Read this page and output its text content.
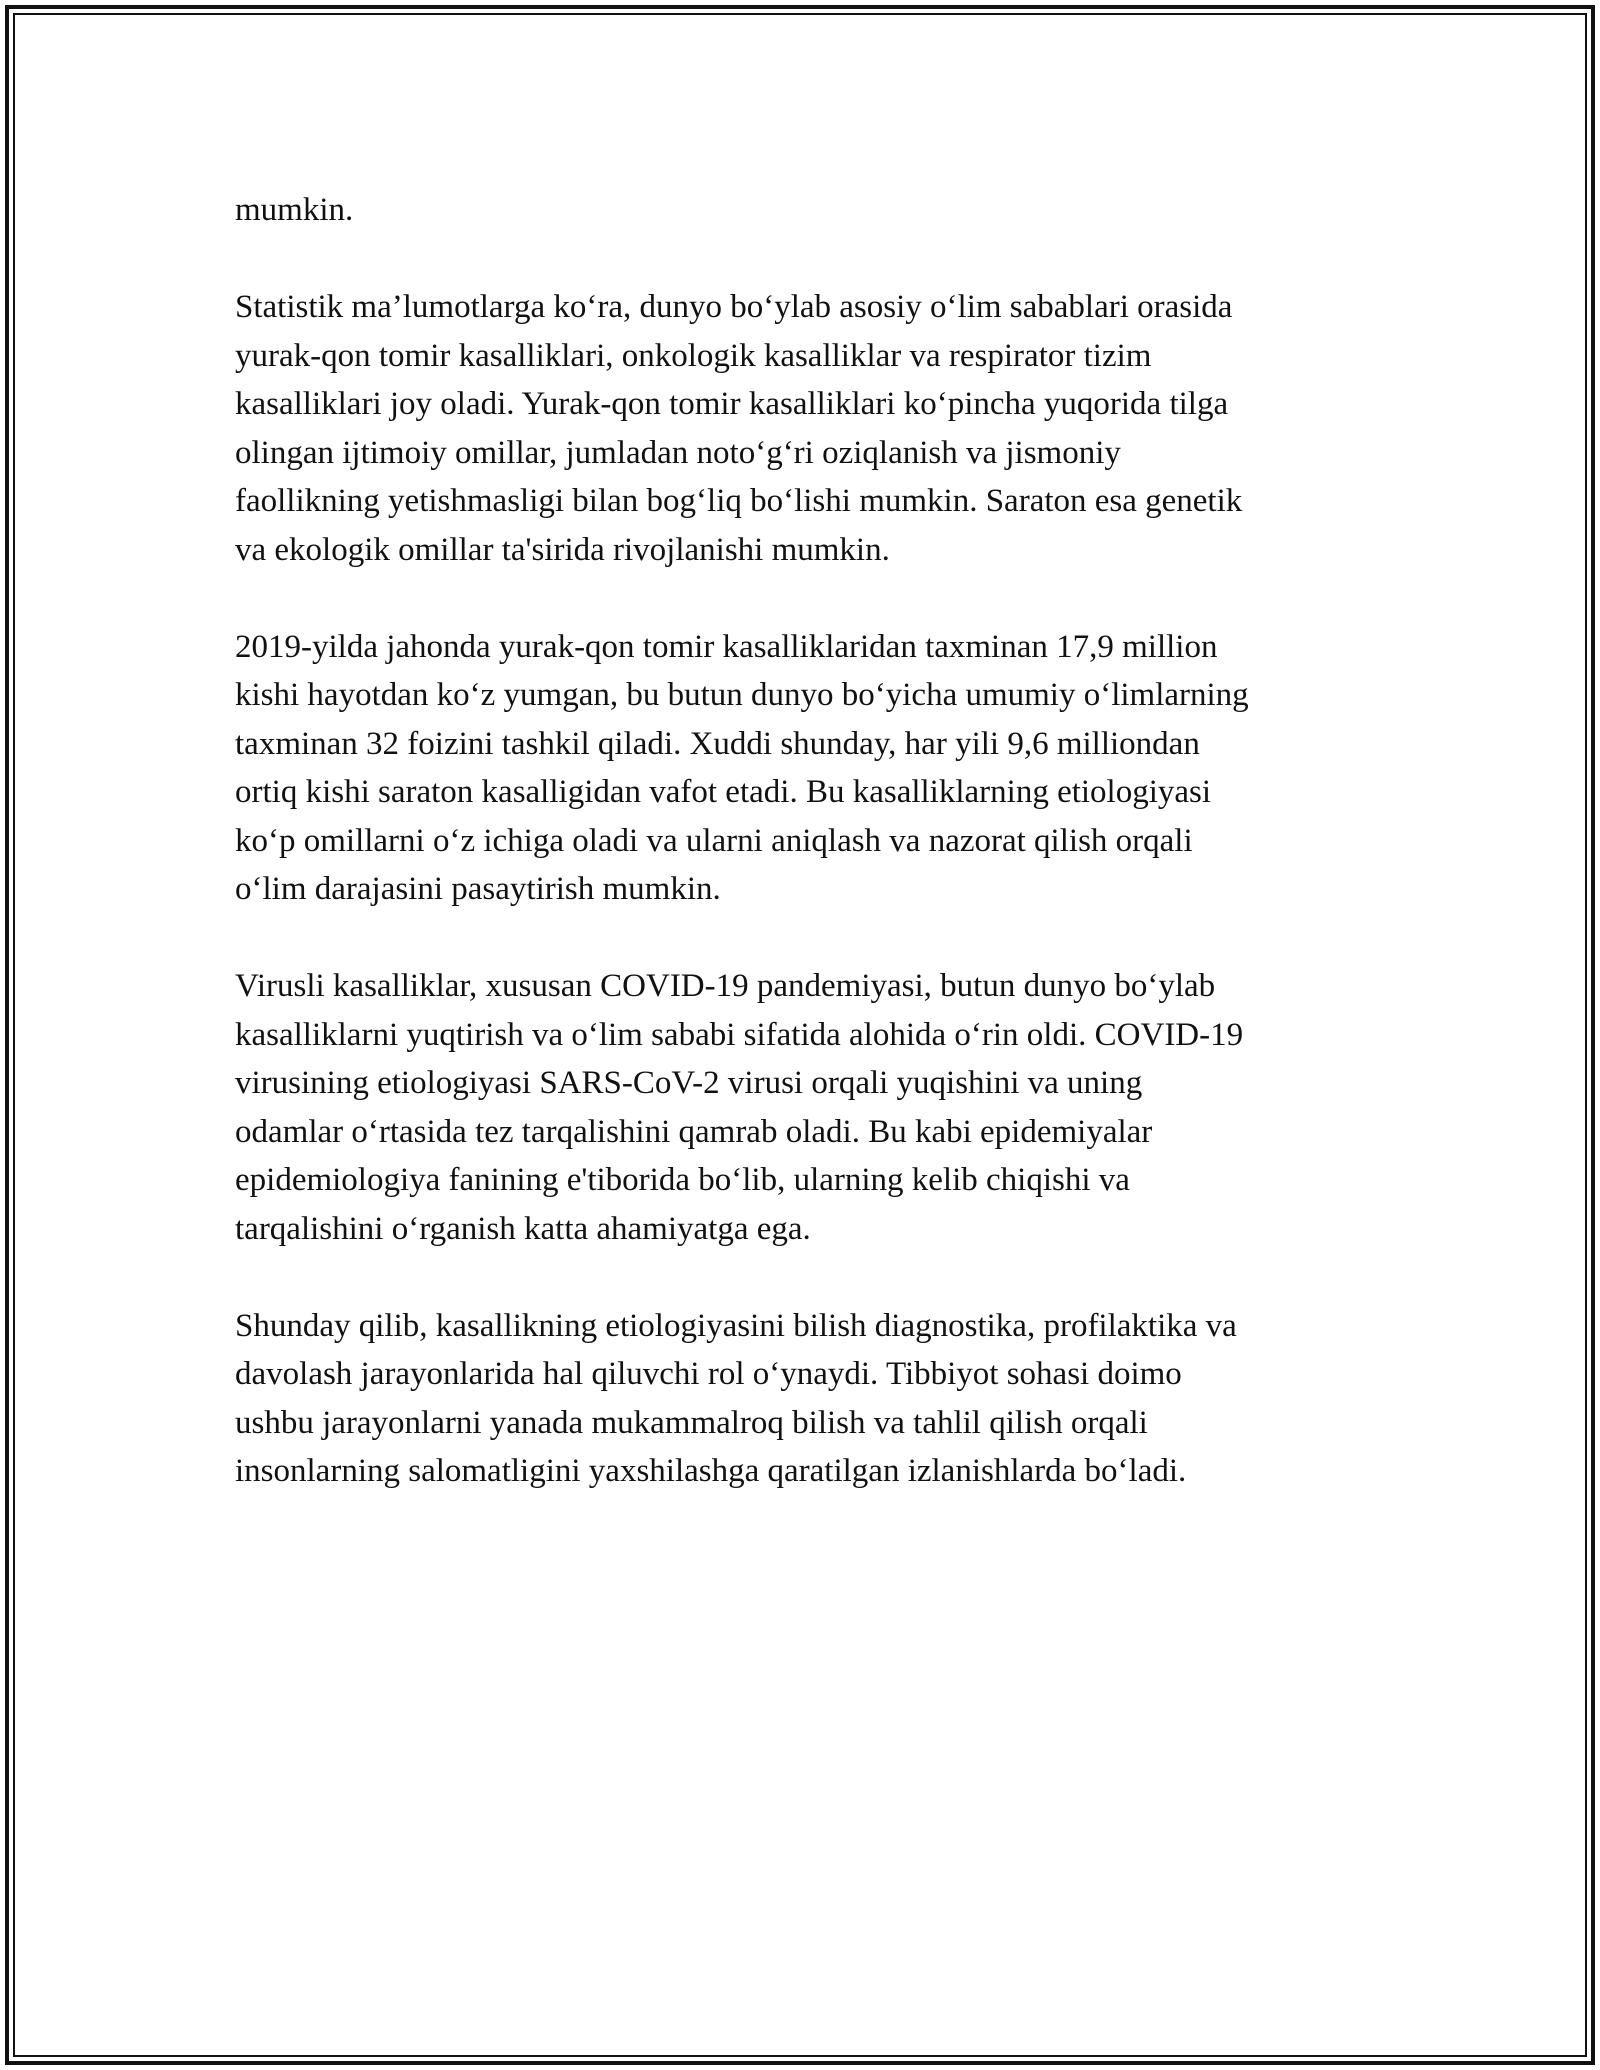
mumkin.

Statistik ma’lumotlarga ko‘ra, dunyo bo‘ylab asosiy o‘lim sabablari orasida
yurak-qon tomir kasalliklari, onkologik kasalliklar va respirator tizim
kasalliklari joy oladi. Yurak-qon tomir kasalliklari ko‘pincha yuqorida tilga
olingan ijtimoiy omillar, jumladan noto‘g‘ri oziqlanish va jismoniy
faollikning yetishmasligi bilan bog‘liq bo‘lishi mumkin. Saraton esa genetik
va ekologik omillar ta'sirida rivojlanishi mumkin.

2019-yilda jahonda yurak-qon tomir kasalliklaridan taxminan 17,9 million
kishi hayotdan ko‘z yumgan, bu butun dunyo bo‘yicha umumiy o‘limlarning
taxminan 32 foizini tashkil qiladi. Xuddi shunday, har yili 9,6 milliondan
ortiq kishi saraton kasalligidan vafot etadi. Bu kasalliklarning etiologiyasi
ko‘p omillarni o‘z ichiga oladi va ularni aniqlash va nazorat qilish orqali
o‘lim darajasini pasaytirish mumkin.

Virusli kasalliklar, xususan COVID-19 pandemiyasi, butun dunyo bo‘ylab
kasalliklarni yuqtirish va o‘lim sababi sifatida alohida o‘rin oldi. COVID-19
virusining etiologiyasi SARS-CoV-2 virusi orqali yuqishini va uning
odamlar o‘rtasida tez tarqalishini qamrab oladi. Bu kabi epidemiyalar
epidemiologiya fanining e'tiborida bo‘lib, ularning kelib chiqishi va
tarqalishini o‘rganish katta ahamiyatga ega.

Shunday qilib, kasallikning etiologiyasini bilish diagnostika, profilaktika va
davolash jarayonlarida hal qiluvchi rol o‘ynaydi. Tibbiyot sohasi doimo
ushbu jarayonlarni yanada mukammalroq bilish va tahlil qilish orqali
insonlarning salomatligini yaxshilashga qaratilgan izlanishlarda bo‘ladi.
